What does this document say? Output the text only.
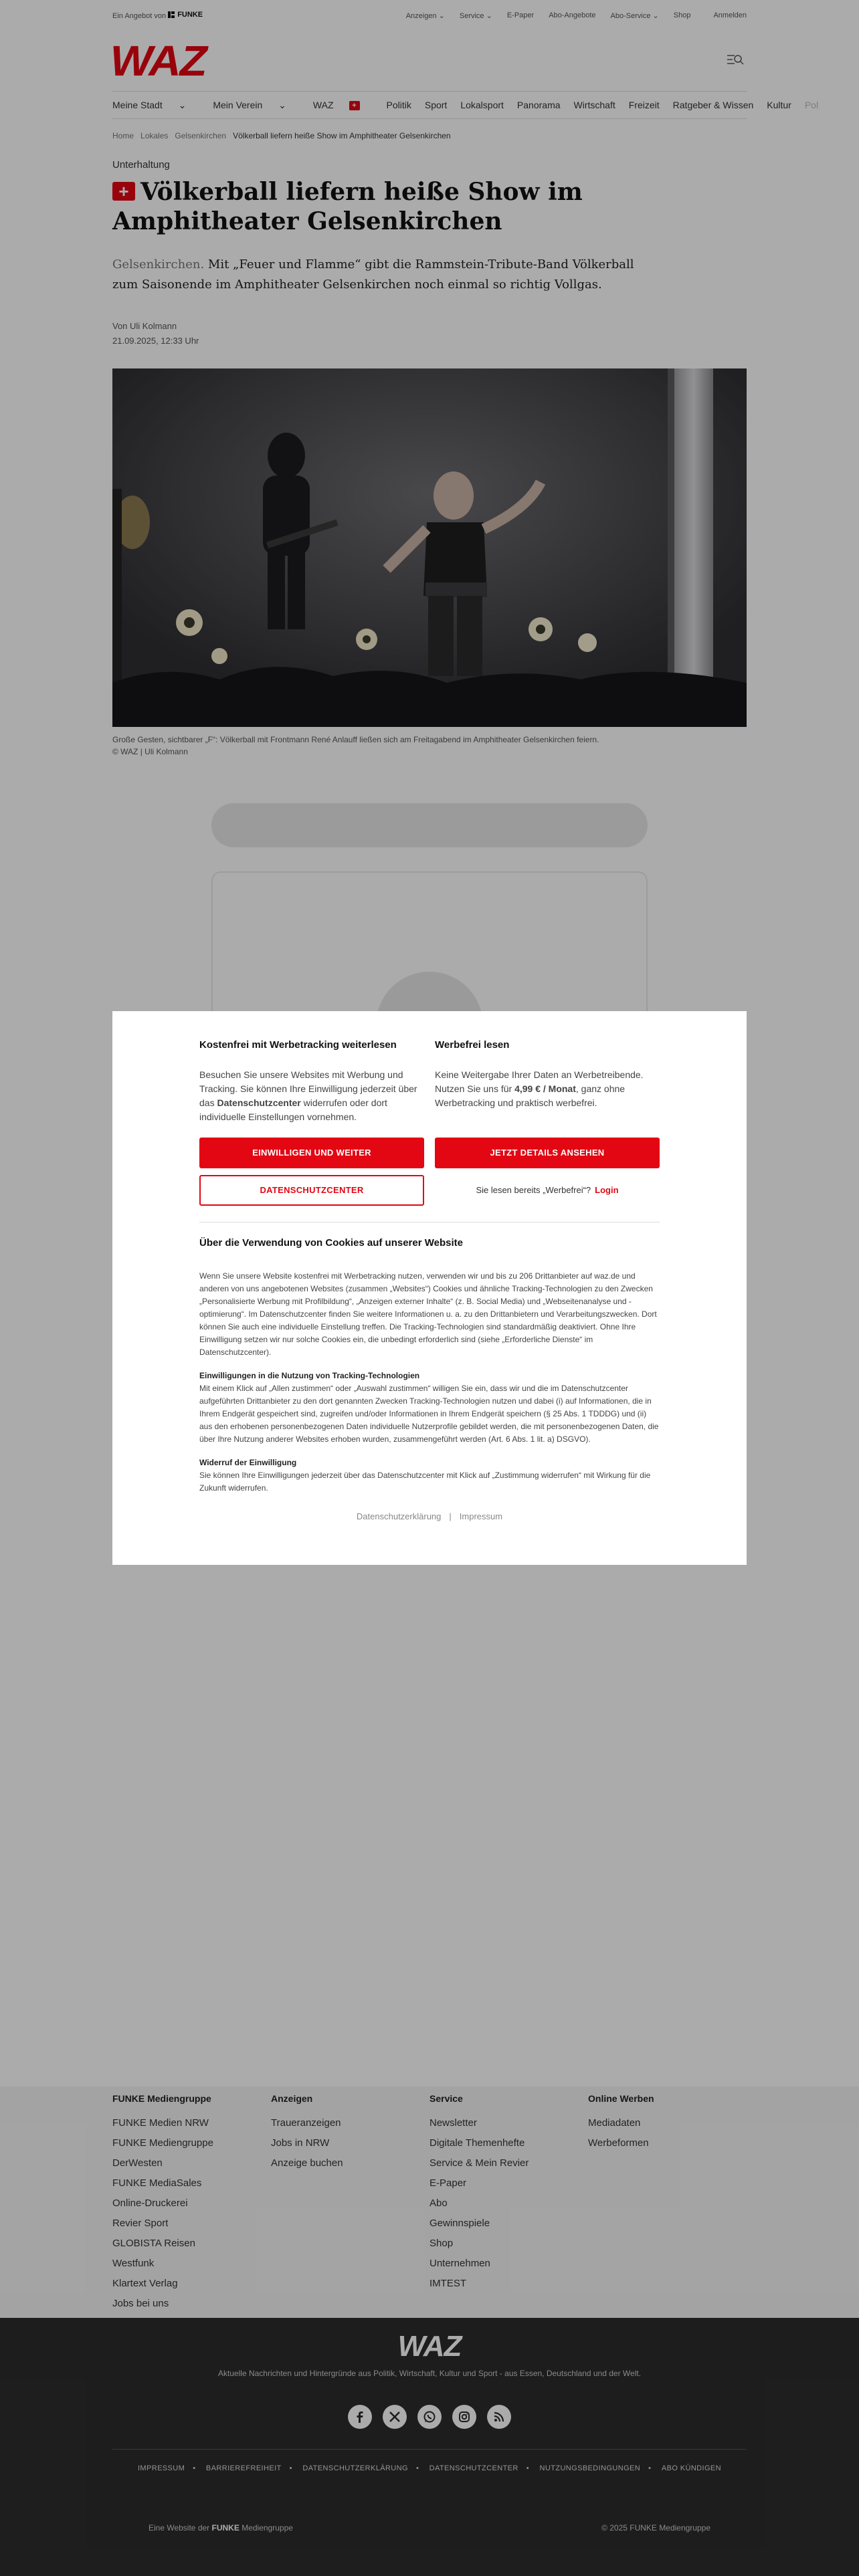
Ein Angebot von FUNKE	Anzeigen ⌄ Service ⌄ E-Paper Abo-Angebote Abo-Service ⌄ Shop	Anmelden
WAZ
Meine Stadt ⌄	Mein Verein ⌄	WAZ	+	Politik Sport Lokalsport Panorama Wirtschaft Freizeit Ratgeber & Wissen Kultur Pol
Home Lokales Gelsenkirchen Völkerball liefern heiße Show im Amphitheater Gelsenkirchen
Unterhaltung
+ Völkerball liefern heiße Show im Amphitheater Gelsenkirchen

Gelsenkirchen. Mit „Feuer und Flamme“ gibt die Rammstein-Tribute-Band Völkerball zum Saisonende im Amphitheater Gelsenkirchen noch einmal so richtig Vollgas.

Von Uli Kolmann
21.09.2025, 12:33 Uhr
Große Gesten, sichtbarer „F“: Völkerball mit Frontmann René Anlauff ließen sich am Freitagabend im Amphitheater Gelsenkirchen feiern.
© WAZ | Uli Kolmann
FUNKE Mediengruppe
FUNKE Medien NRW
FUNKE Mediengruppe
DerWesten
FUNKE MediaSales
Online-Druckerei
Revier Sport
GLOBISTA Reisen
Westfunk
Klartext Verlag
Jobs bei uns
Anzeigen
Traueranzeigen
Jobs in NRW
Anzeige buchen
Service
Newsletter
Digitale Themenhefte
Service & Mein Revier
E-Paper
Abo
Gewinnspiele
Shop
Unternehmen
IMTEST
Online Werben
Mediadaten
Werbeformen
WAZ
Aktuelle Nachrichten und Hintergründe aus Politik, Wirtschaft, Kultur und Sport - aus Essen, Deutschland und der Welt.
IMPRESSUM • BARRIEREFREIHEIT • DATENSCHUTZERKLÄRUNG • DATENSCHUTZCENTER • NUTZUNGSBEDINGUNGEN • ABO KÜNDIGEN
Eine Website der FUNKE Mediengruppe	© 2025 FUNKE Mediengruppe
Kostenfrei mit Werbetracking weiterlesen

Besuchen Sie unsere Websites mit Werbung und Tracking. Sie können Ihre Einwilligung jederzeit über das Datenschutzcenter widerrufen oder dort individuelle Einstellungen vornehmen.

EINWILLIGEN UND WEITER
DATENSCHUTZCENTER
Werbefrei lesen

Keine Weitergabe Ihrer Daten an Werbetreibende. Nutzen Sie uns für 4,99 € / Monat, ganz ohne Werbetracking und praktisch werbefrei.

JETZT DETAILS ANSEHEN
Sie lesen bereits „Werbefrei“? Login
Über die Verwendung von Cookies auf unserer Website
Wenn Sie unsere Website kostenfrei mit Werbetracking nutzen, verwenden wir und bis zu 206 Drittanbieter auf waz.de und anderen von uns angebotenen Websites (zusammen „Websites“) Cookies und ähnliche Tracking-Technologien zu den Zwecken „Personalisierte Werbung mit Profilbildung“, „Anzeigen externer Inhalte“ (z. B. Social Media) und „Webseitenanalyse und -optimierung“. Im Datenschutzcenter finden Sie weitere Informationen u. a. zu den Drittanbietern und Verarbeitungszwecken. Dort können Sie auch eine individuelle Einstellung treffen. Die Tracking-Technologien sind standardmäßig deaktiviert. Ohne Ihre Einwilligung setzen wir nur solche Cookies ein, die unbedingt erforderlich sind (siehe „Erforderliche Dienste“ im Datenschutzcenter).
Einwilligungen in die Nutzung von Tracking-Technologien
Mit einem Klick auf „Allen zustimmen“ oder „Auswahl zustimmen“ willigen Sie ein, dass wir und die im Datenschutzcenter aufgeführten Drittanbieter zu den dort genannten Zwecken Tracking-Technologien nutzen und dabei (i) auf Informationen, die in Ihrem Endgerät gespeichert sind, zugreifen und/oder Informationen in Ihrem Endgerät speichern (§ 25 Abs. 1 TDDDG) und (ii) aus den erhobenen personenbezogenen Daten individuelle Nutzerprofile gebildet werden, die mit personenbezogenen Daten, die über Ihre Nutzung anderer Websites erhoben wurden, zusammengeführt werden (Art. 6 Abs. 1 lit. a) DSGVO).
Widerruf der Einwilligung
Sie können Ihre Einwilligungen jederzeit über das Datenschutzcenter mit Klick auf „Zustimmung widerrufen“ mit Wirkung für die Zukunft widerrufen.
Datenschutzerklärung | Impressum
